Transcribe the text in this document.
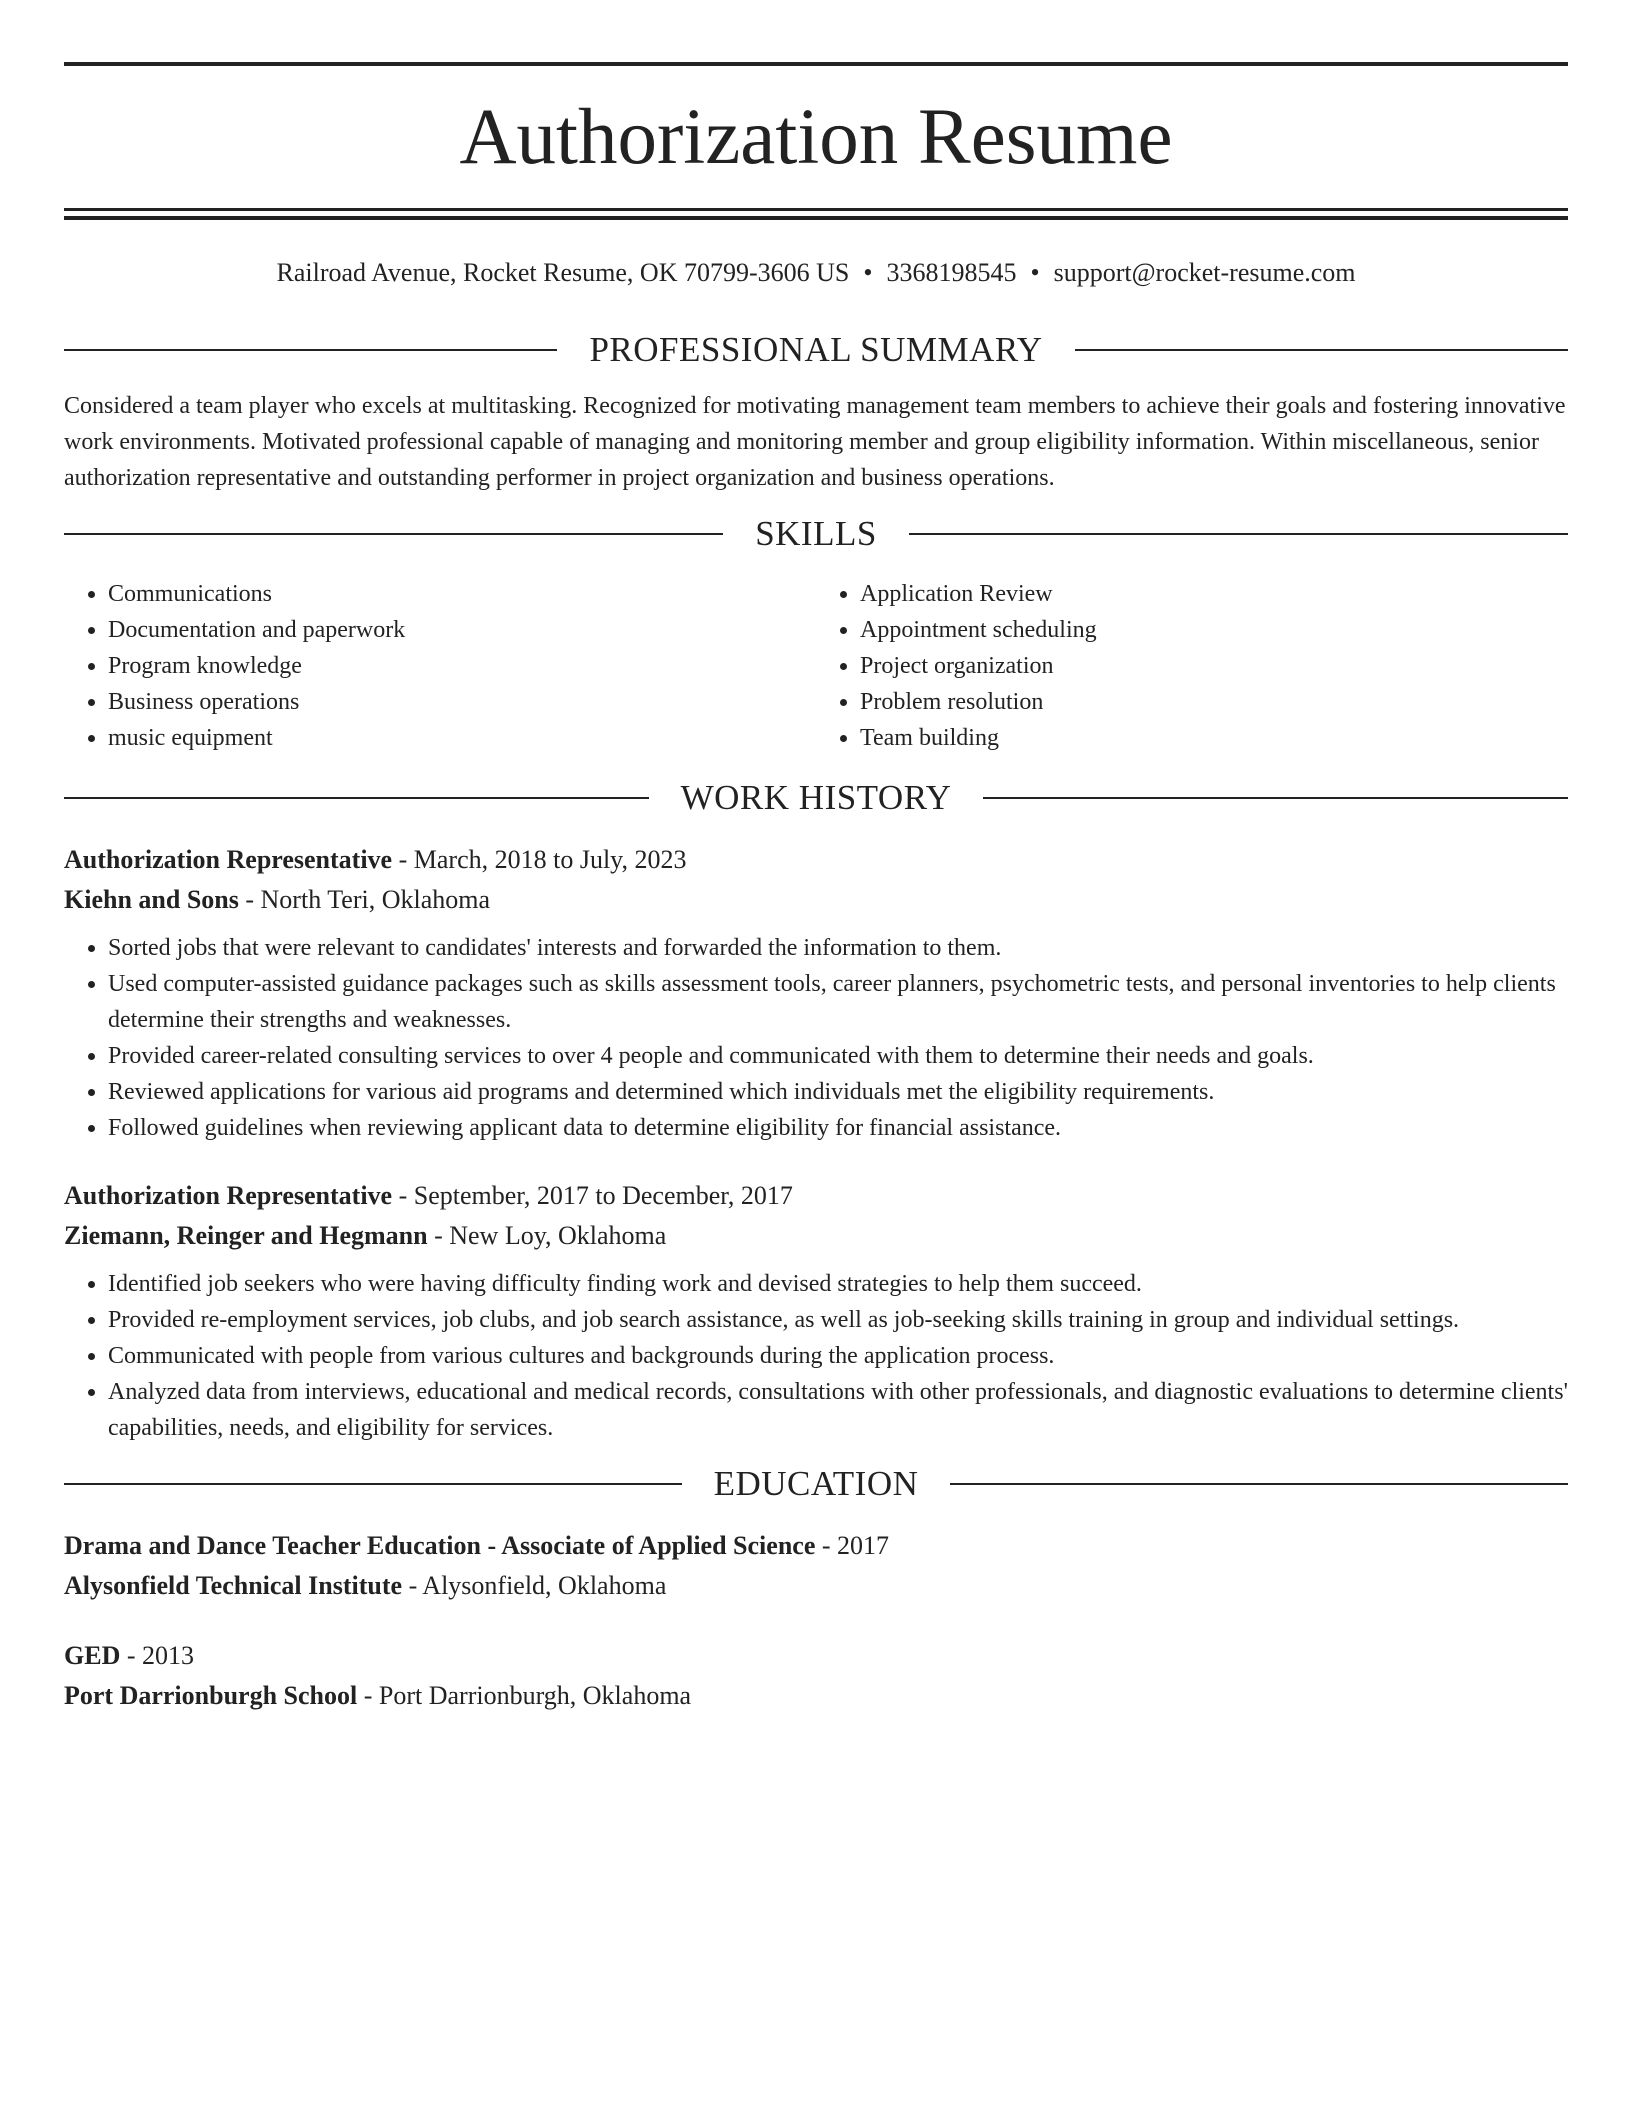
Authorization Resume
Railroad Avenue, Rocket Resume, OK 70799-3606 US • 3368198545 • support@rocket-resume.com
PROFESSIONAL SUMMARY
Considered a team player who excels at multitasking. Recognized for motivating management team members to achieve their goals and fostering innovative work environments. Motivated professional capable of managing and monitoring member and group eligibility information. Within miscellaneous, senior authorization representative and outstanding performer in project organization and business operations.
SKILLS
• Communications
• Documentation and paperwork
• Program knowledge
• Business operations
• music equipment
• Application Review
• Appointment scheduling
• Project organization
• Problem resolution
• Team building
WORK HISTORY
Authorization Representative - March, 2018 to July, 2023
Kiehn and Sons - North Teri, Oklahoma
• Sorted jobs that were relevant to candidates' interests and forwarded the information to them.
• Used computer-assisted guidance packages such as skills assessment tools, career planners, psychometric tests, and personal inventories to help clients determine their strengths and weaknesses.
• Provided career-related consulting services to over 4 people and communicated with them to determine their needs and goals.
• Reviewed applications for various aid programs and determined which individuals met the eligibility requirements.
• Followed guidelines when reviewing applicant data to determine eligibility for financial assistance.
Authorization Representative - September, 2017 to December, 2017
Ziemann, Reinger and Hegmann - New Loy, Oklahoma
• Identified job seekers who were having difficulty finding work and devised strategies to help them succeed.
• Provided re-employment services, job clubs, and job search assistance, as well as job-seeking skills training in group and individual settings.
• Communicated with people from various cultures and backgrounds during the application process.
• Analyzed data from interviews, educational and medical records, consultations with other professionals, and diagnostic evaluations to determine clients' capabilities, needs, and eligibility for services.
EDUCATION
Drama and Dance Teacher Education - Associate of Applied Science - 2017
Alysonfield Technical Institute - Alysonfield, Oklahoma
GED - 2013
Port Darrionburgh School - Port Darrionburgh, Oklahoma
